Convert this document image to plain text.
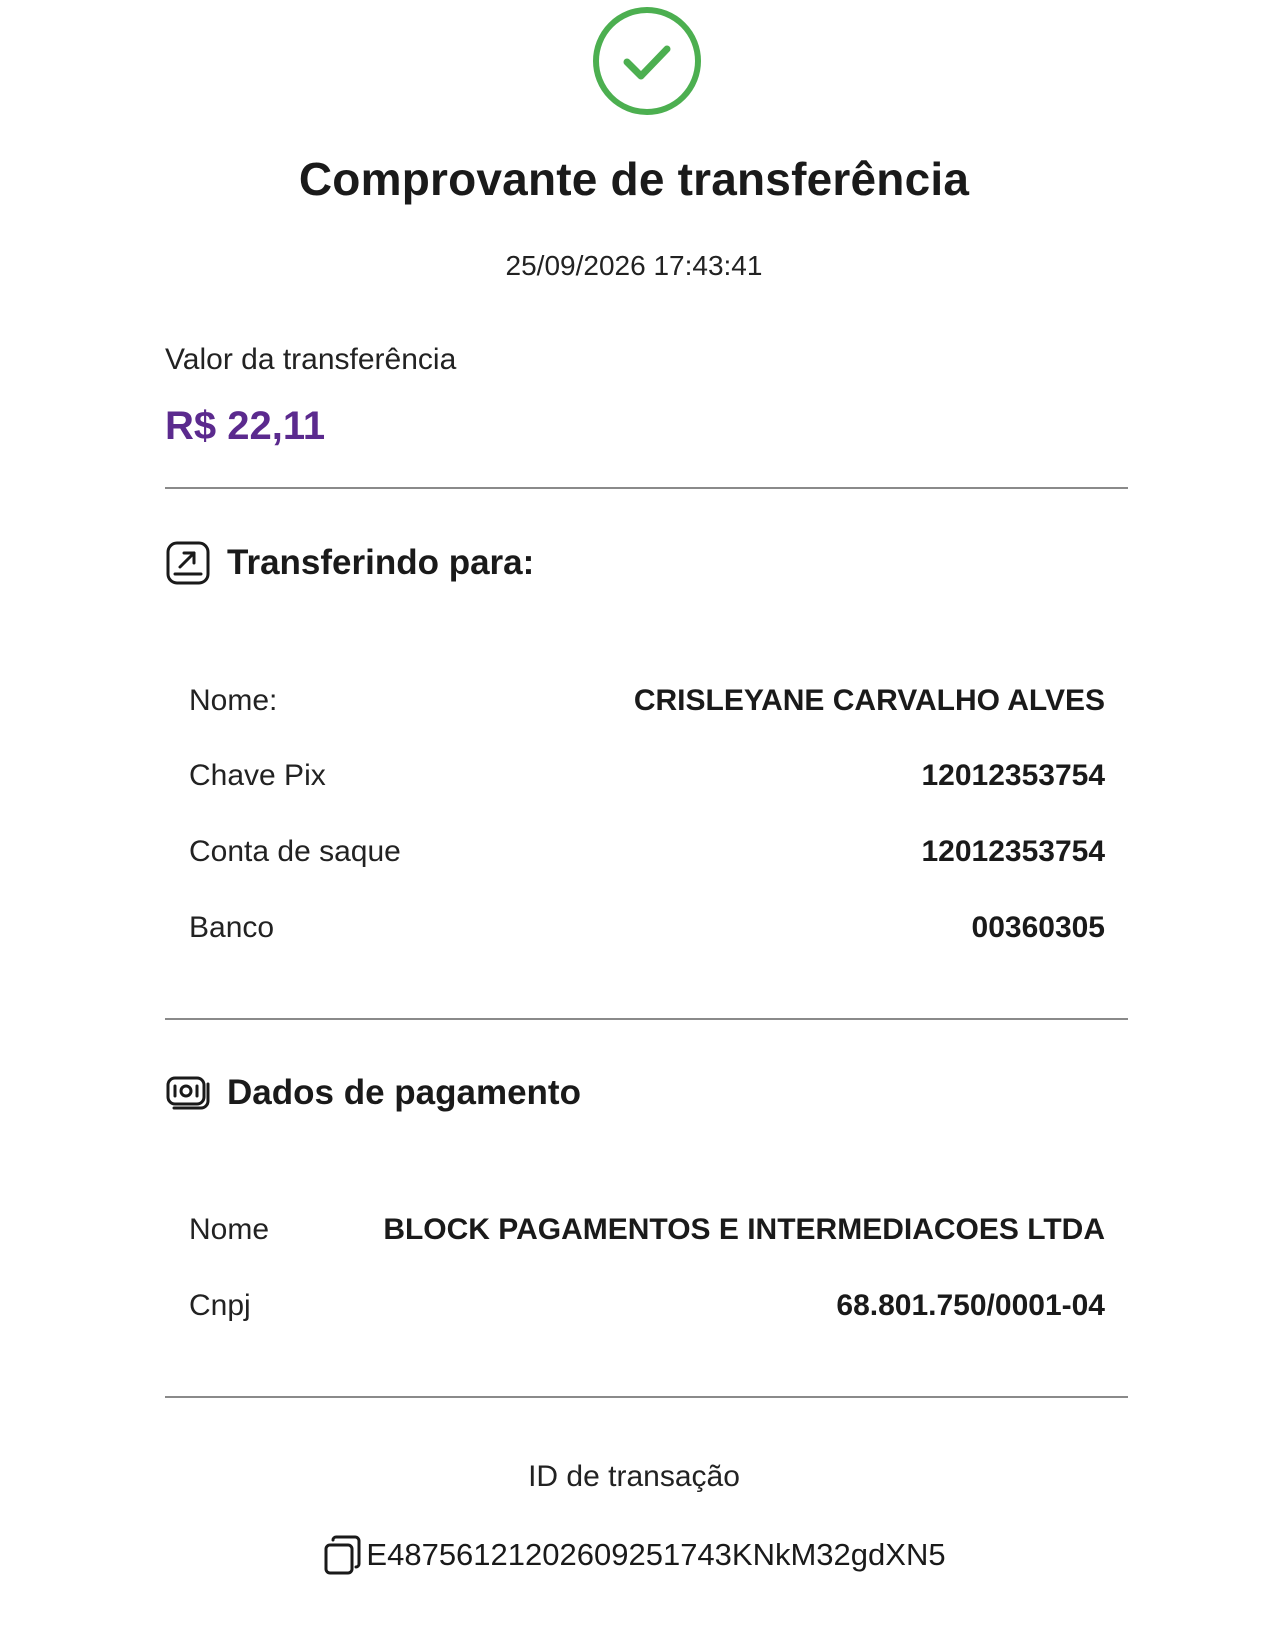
Comprovante de transferência
25/09/2026 17:43:41
Valor da transferência
R$ 22,11
Transferindo para:
Nome:	CRISLEYANE CARVALHO ALVES
Chave Pix	12012353754
Conta de saque	12012353754
Banco	00360305
Dados de pagamento
Nome	BLOCK PAGAMENTOS E INTERMEDIACOES LTDA
Cnpj	68.801.750/0001-04
ID de transação
E48756121202609251743KNkM32gdXN5
